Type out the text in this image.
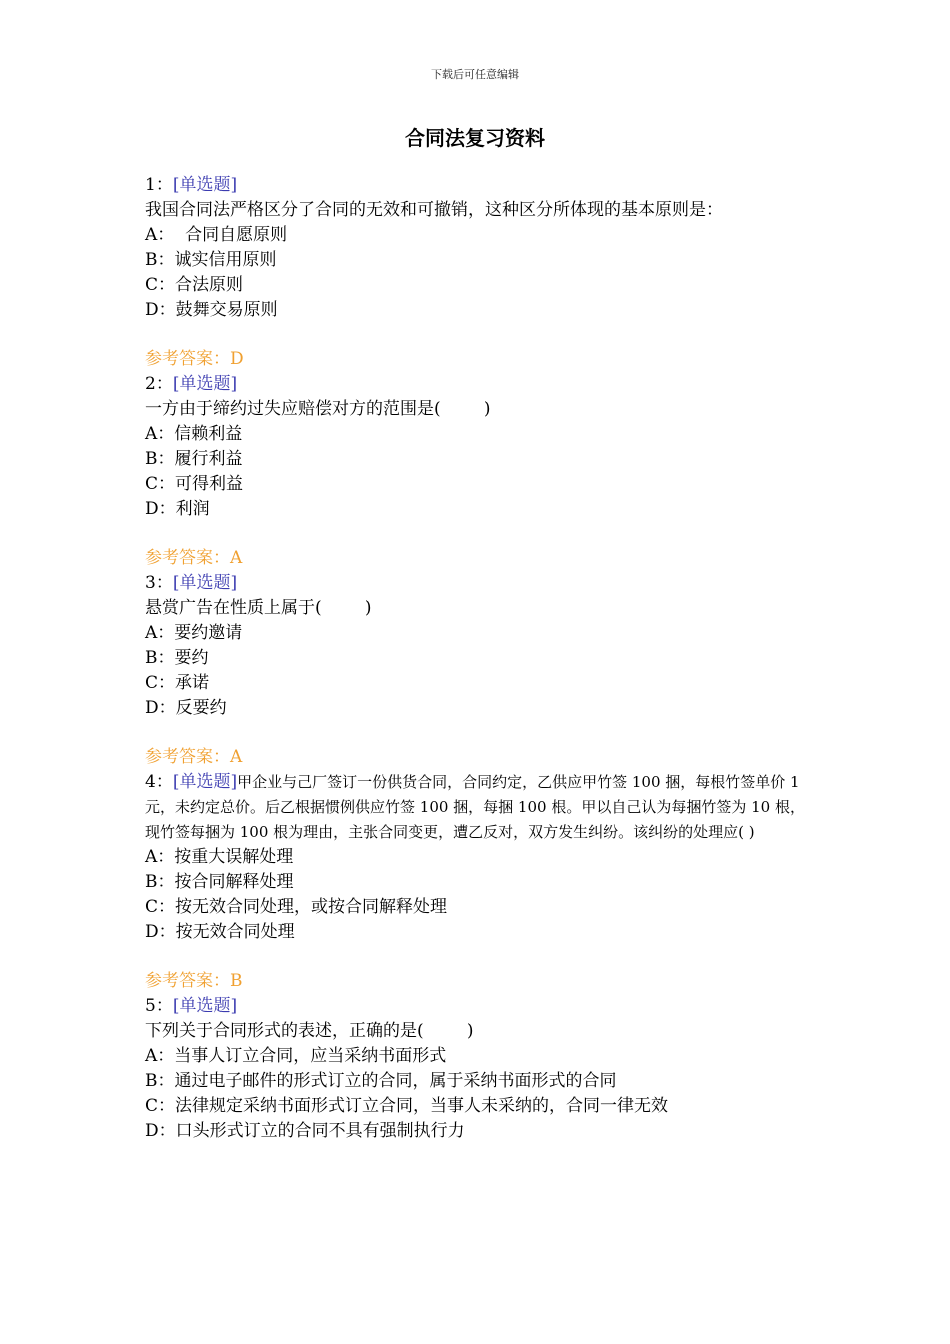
下载后可任意编辑
合同法复习资料
1：[单选题]
我国合同法严格区分了合同的无效和可撤销，这种区分所体现的基本原则是：
A：  合同自愿原则
B：诚实信用原则
C：合法原则
D：鼓舞交易原则
参考答案：D
2：[单选题]
一方由于缔约过失应赔偿对方的范围是(        )
A：信赖利益
B：履行利益
C：可得利益
D：利润
参考答案：A
3：[单选题]
悬赏广告在性质上属于(        )
A：要约邀请
B：要约
C：承诺
D：反要约
参考答案：A
4：[单选题]甲企业与己厂签订一份供货合同，合同约定，乙供应甲竹签 100 捆，每根竹签单价 1 元，未约定总价。后乙根据惯例供应竹签 100 捆，每捆 100 根。甲以自己认为每捆竹签为 10 根，现竹签每捆为 100 根为理由，主张合同变更，遭乙反对，双方发生纠纷。该纠纷的处理应( )
A：按重大误解处理
B：按合同解释处理
C：按无效合同处理，或按合同解释处理
D：按无效合同处理
参考答案：B
5：[单选题]
下列关于合同形式的表述，正确的是(        )
A：当事人订立合同，应当采纳书面形式
B：通过电子邮件的形式订立的合同，属于采纳书面形式的合同
C：法律规定采纳书面形式订立合同，当事人未采纳的，合同一律无效
D：口头形式订立的合同不具有强制执行力
